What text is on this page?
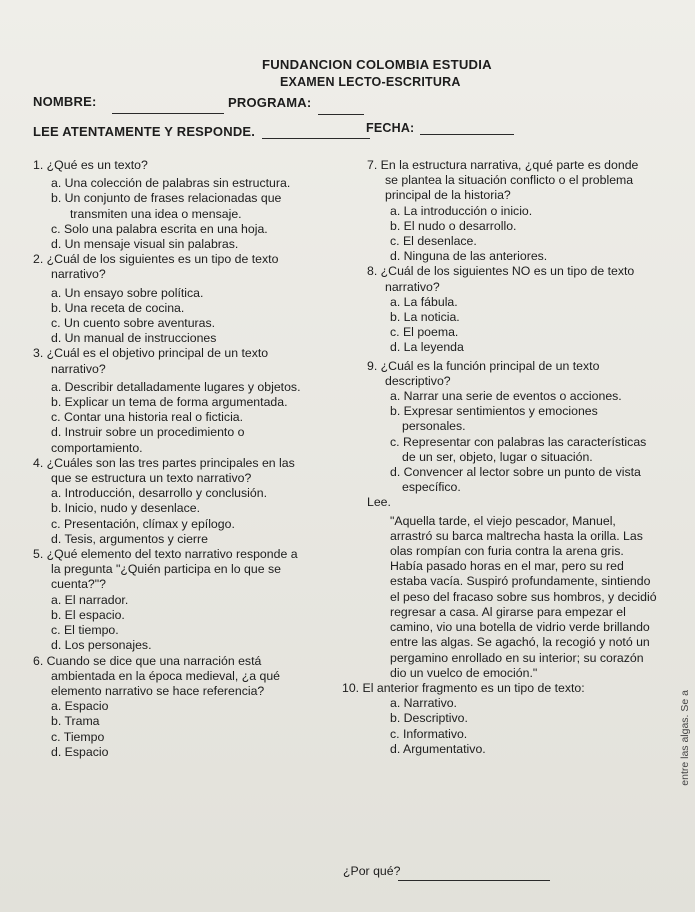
FUNDANCION COLOMBIA ESTUDIA
EXAMEN LECTO-ESCRITURA
NOMBRE:	PROGRAMA:
LEE ATENTAMENTE Y RESPONDE.	FECHA:

1. ¿Qué es un texto?

a. Una colección de palabras sin estructura.

b. Un conjunto de frases relacionadas que

transmiten una idea o mensaje.

c. Solo una palabra escrita en una hoja.

d. Un mensaje visual sin palabras.

2. ¿Cuál de los siguientes es un tipo de texto

narrativo?

a. Un ensayo sobre política.

b. Una receta de cocina.

c. Un cuento sobre aventuras.

d. Un manual de instrucciones

3. ¿Cuál es el objetivo principal de un texto

narrativo?

a. Describir detalladamente lugares y objetos.

b. Explicar un tema de forma argumentada.

c. Contar una historia real o ficticia.

d. Instruir sobre un procedimiento o

comportamiento.

4. ¿Cuáles son las tres partes principales en las

que se estructura un texto narrativo?

a. Introducción, desarrollo y conclusión.

b. Inicio, nudo y desenlace.

c. Presentación, clímax y epílogo.

d. Tesis, argumentos y cierre

5. ¿Qué elemento del texto narrativo responde a

la pregunta "¿Quién participa en lo que se

cuenta?"?

a. El narrador.

b. El espacio.

c. El tiempo.

d. Los personajes.

6. Cuando se dice que una narración está

ambientada en la época medieval, ¿a qué

elemento narrativo se hace referencia?

a. Espacio

b. Trama

c. Tiempo

d. Espacio

7. En la estructura narrativa, ¿qué parte es donde

se plantea la situación conflicto o el problema

principal de la historia?

a. La introducción o inicio.

b. El nudo o desarrollo.

c. El desenlace.

d. Ninguna de las anteriores.

8. ¿Cuál de los siguientes NO es un tipo de texto

narrativo?

a. La fábula.

b. La noticia.

c. El poema.

d. La leyenda

9. ¿Cuál es la función principal de un texto

descriptivo?

a. Narrar una serie de eventos o acciones.

b. Expresar sentimientos y emociones

personales.

c. Representar con palabras las características

de un ser, objeto, lugar o situación.

d. Convencer al lector sobre un punto de vista

específico.

Lee.

"Aquella tarde, el viejo pescador, Manuel,

arrastró su barca maltrecha hasta la orilla. Las

olas rompían con furia contra la arena gris.

Había pasado horas en el mar, pero su red

estaba vacía. Suspiró profundamente, sintiendo

el peso del fracaso sobre sus hombros, y decidió

regresar a casa. Al girarse para empezar el

camino, vio una botella de vidrio verde brillando

entre las algas. Se agachó, la recogió y notó un

pergamino enrollado en su interior; su corazón

dio un vuelco de emoción."

10. El anterior fragmento es un tipo de texto:

a. Narrativo.

b. Descriptivo.

c. Informativo.

d. Argumentativo.

¿Por qué?
entre las algas. Se a
